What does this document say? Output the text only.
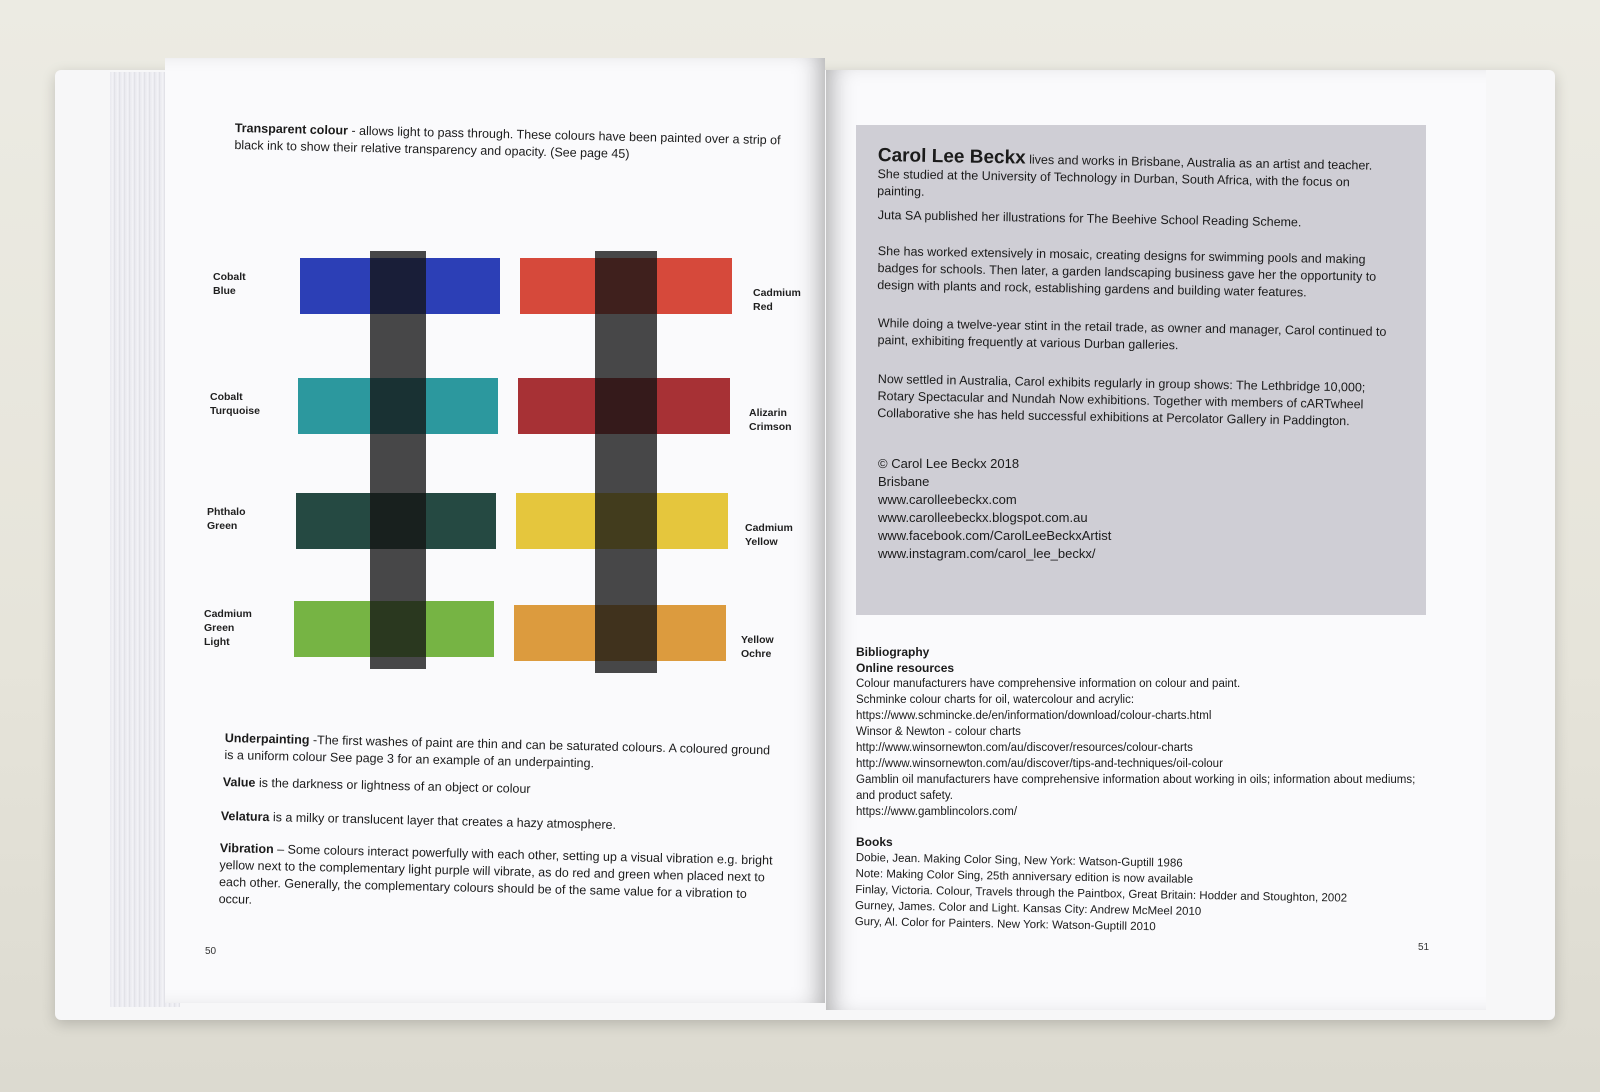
Transparent colour - allows light to pass through. These colours have been painted over a strip of black ink to show their relative transparency and opacity. (See page 45)
Cobalt
Blue
Cobalt
Turquoise
Phthalo
Green
Cadmium
Green
Light
Cadmium
Red
Alizarin
Crimson
Cadmium
Yellow
Yellow
Ochre
Underpainting -The first washes of paint are thin and can be saturated colours. A coloured ground is a uniform colour See page 3 for an example of an underpainting.
Value is the darkness or lightness of an object or colour
Velatura is a milky or translucent layer that creates a hazy atmosphere.
Vibration – Some colours interact powerfully with each other, setting up a visual vibration e.g. bright yellow next to the complementary light purple will vibrate, as do red and green when placed next to each other. Generally, the complementary colours should be of the same value for a vibration to occur.
50
Carol Lee Beckx lives and works in Brisbane, Australia as an artist and teacher. She studied at the University of Technology in Durban, South Africa, with the focus on painting.
Juta SA published her illustrations for The Beehive School Reading Scheme.
She has worked extensively in mosaic, creating designs for swimming pools and making badges for schools. Then later, a garden landscaping business gave her the opportunity to design with plants and rock, establishing gardens and building water features.
While doing a twelve-year stint in the retail trade, as owner and manager, Carol continued to paint, exhibiting frequently at various Durban galleries.
Now settled in Australia, Carol exhibits regularly in group shows: The Lethbridge 10,000; Rotary Spectacular and Nundah Now exhibitions. Together with members of cARTwheel Collaborative she has held successful exhibitions at Percolator Gallery in Paddington.
© Carol Lee Beckx 2018
Brisbane
www.carolleebeckx.com
www.carolleebeckx.blogspot.com.au
www.facebook.com/CarolLeeBeckxArtist
www.instagram.com/carol_lee_beckx/
Bibliography
Online resources
Colour manufacturers have comprehensive information on colour and paint.
Schminke colour charts for oil, watercolour and acrylic:
https://www.schmincke.de/en/information/download/colour-charts.html
Winsor & Newton - colour charts
http://www.winsornewton.com/au/discover/resources/colour-charts
http://www.winsornewton.com/au/discover/tips-and-techniques/oil-colour
Gamblin oil manufacturers have comprehensive information about working in oils; information about mediums;
and product safety.
https://www.gamblincolors.com/
Books
Dobie, Jean. Making Color Sing, New York: Watson-Guptill 1986
Note: Making Color Sing, 25th anniversary edition is now available
Finlay, Victoria. Colour, Travels through the Paintbox, Great Britain: Hodder and Stoughton, 2002
Gurney, James. Color and Light. Kansas City: Andrew McMeel 2010
Gury, Al. Color for Painters. New York: Watson-Guptill 2010
51
